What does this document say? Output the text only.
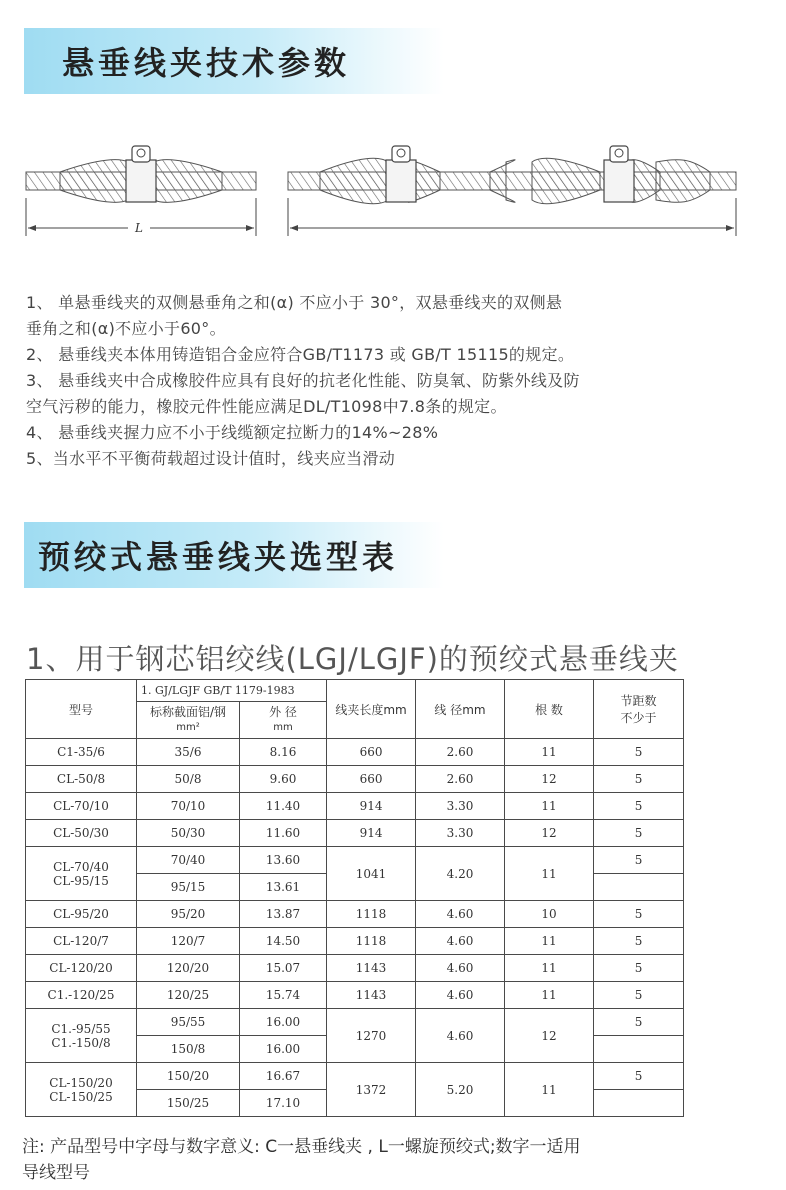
悬垂线夹技术参数
L
1、 单悬垂线夹的双侧悬垂角之和(α) 不应小于 30°，双悬垂线夹的双侧悬
垂角之和(α)不应小于60°。
2、 悬垂线夹本体用铸造铝合金应符合GB/T1173 或 GB/T 15115的规定。
3、 悬垂线夹中合成橡胶件应具有良好的抗老化性能、防臭氧、防紫外线及防
空气污秽的能力，橡胶元件性能应满足DL/T1098中7.8条的规定。
4、 悬垂线夹握力应不小于线缆额定拉断力的14%~28%
5、当水平不平衡荷载超过设计值时，线夹应当滑动
预绞式悬垂线夹选型表
1、用于钢芯铝绞线(LGJ/LGJF)的预绞式悬垂线夹
型号	1. GJ/LGJF GB/T 1179-1983		线夹长度mm	线 径mm	根 数	节距数
不少于

	标称截面铝/钢
mm²	外 径
mm				

C1-35/6	35/6	8.16	660	2.60	11	5
CL-50/8	50/8	9.60	660	2.60	12	5
CL-70/10	70/10	11.40	914	3.30	11	5
CL-50/30	50/30	11.60	914	3.30	12	5

CL-70/40
CL-95/15	70/40	13.60	1041	4.20	11	5
	95/15	13.61				
CL-95/20	95/20	13.87	1118	4.60	10	5
CL-120/7	120/7	14.50	1118	4.60	11	5
CL-120/20	120/20	15.07	1143	4.60	11	5
C1.-120/25	120/25	15.74	1143	4.60	11	5

C1.-95/55
C1.-150/8	95/55	16.00	1270	4.60	12	5
	150/8	16.00				

CL-150/20
CL-150/25	150/20	16.67	1372	5.20	11	5
	150/25	17.10				
注: 产品型号中字母与数字意义: C一悬垂线夹 , L一螺旋预绞式;数字一适用
导线型号
